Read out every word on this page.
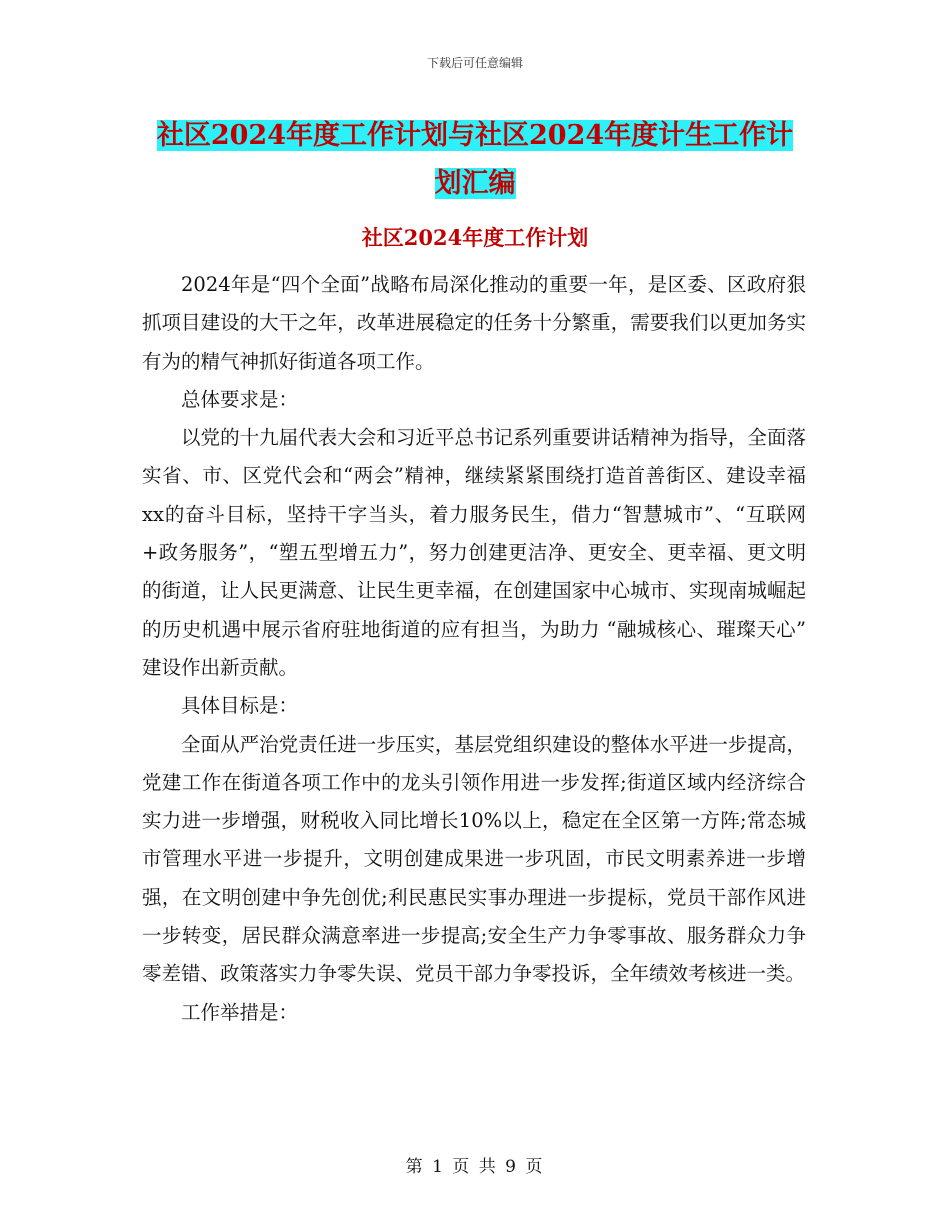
下载后可任意编辑
社区2024年度工作计划与社区2024年度计生工作计划汇编
社区2024年度工作计划

2024年是“四个全面”战略布局深化推动的重要一年，是区委、区政府狠抓项目建设的大干之年，改革进展稳定的任务十分繁重，需要我们以更加务实有为的精气神抓好街道各项工作。

总体要求是：

以党的十九届代表大会和习近平总书记系列重要讲话精神为指导，全面落实省、市、区党代会和“两会”精神，继续紧紧围绕打造首善街区、建设幸福xx的奋斗目标，坚持干字当头，着力服务民生，借力“智慧城市”、“互联网+政务服务”，“塑五型增五力”，努力创建更洁净、更安全、更幸福、更文明的街道，让人民更满意、让民生更幸福，在创建国家中心城市、实现南城崛起的历史机遇中展示省府驻地街道的应有担当，为助力 “融城核心、璀璨天心” 建设作出新贡献。

具体目标是：

全面从严治党责任进一步压实，基层党组织建设的整体水平进一步提高，党建工作在街道各项工作中的龙头引领作用进一步发挥;街道区域内经济综合实力进一步增强，财税收入同比增长10%以上，稳定在全区第一方阵;常态城市管理水平进一步提升，文明创建成果进一步巩固，市民文明素养进一步增强，在文明创建中争先创优;利民惠民实事办理进一步提标，党员干部作风进一步转变，居民群众满意率进一步提高;安全生产力争零事故、服务群众力争零差错、政策落实力争零失误、党员干部力争零投诉，全年绩效考核进一类。

工作举措是：

第 1 页 共 9 页
